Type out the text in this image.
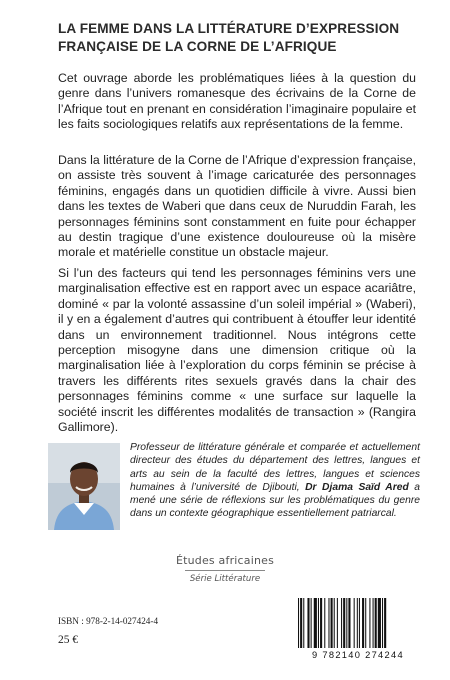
LA FEMME DANS LA LITTÉRATURE D’EXPRESSION FRANÇAISE DE LA CORNE DE L’AFRIQUE
Cet ouvrage aborde les problématiques liées à la question du genre dans l’univers romanesque des écrivains de la Corne de l’Afrique tout en prenant en considération l’imaginaire populaire et les faits sociologiques relatifs aux représentations de la femme.
Dans la littérature de la Corne de l’Afrique d’expression française, on assiste très souvent à l’image caricaturée des personnages féminins, engagés dans un quotidien difficile à vivre. Aussi bien dans les textes de Waberi que dans ceux de Nuruddin Farah, les personnages féminins sont constamment en fuite pour échapper au destin tragique d’une existence douloureuse où la misère morale et matérielle constitue un obstacle majeur.
Si l’un des facteurs qui tend les personnages féminins vers une marginalisation effective est en rapport avec un espace acariâtre, dominé « par la volonté assassine d’un soleil impérial » (Waberi), il y en a également d’autres qui contribuent à étouffer leur identité dans un environnement traditionnel. Nous intégrons cette perception misogyne dans une dimension critique où la marginalisation liée à l’exploration du corps féminin se précise à travers les différents rites sexuels gravés dans la chair des personnages féminins comme « une surface sur laquelle la société inscrit les différentes modalités de transaction » (Rangira Gallimore).
Professeur de littérature générale et comparée et actuellement directeur des études du département des lettres, langues et arts au sein de la faculté des lettres, langues et sciences humaines à l’université de Djibouti, Dr Djama Saïd Ared a mené une série de réflexions sur les problématiques du genre dans un contexte géographique essentiellement patriarcal.
Études africaines
Série Littérature
ISBN : 978-2-14-027424-4
25 €
9 782140 274244
